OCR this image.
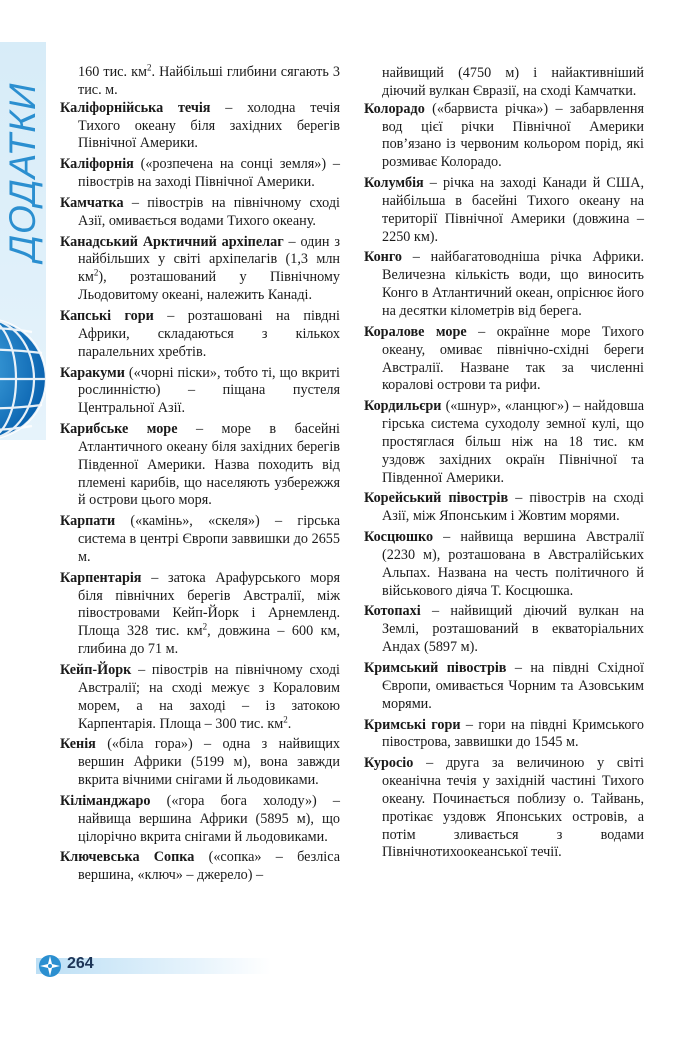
ДОДАТКИ
160 тис. $км^2$. Найбільші глибини сягають 3 тис. м.
Каліфорнійська течія – холодна течія Тихого океану біля західних берегів Північної Америки.
Каліфорнія («розпечена на сонці земля») – півострів на заході Північної Америки.
Камчатка – півострів на північному сході Азії, омивається водами Тихого океану.
Канадський Арктичний архіпелаг – один з найбільших у світі архіпелагів (1,3 млн $км^2$), розташований у Північному Льодовитому океані, належить Канаді.
Капські гори – розташовані на півдні Африки, складаються з кількох паралельних хребтів.
Каракуми («чорні піски», тобто ті, що вкриті рослинністю) – піщана пустеля Центральної Азії.
Карибське море – море в басейні Атлантичного океану біля західних берегів Південної Америки. Назва походить від племені карибів, що населяють узбережжя й острови цього моря.
Карпати («камінь», «скеля») – гірська система в центрі Європи заввишки до 2655 м.
Карпентарія – затока Арафурського моря біля північних берегів Австралії, між півостровами Кейп-Йорк і Арнемленд. Площа 328 тис. $км^2$, довжина – 600 км, глибина до 71 м.
Кейп-Йорк – півострів на північному сході Австралії; на сході межує з Кораловим морем, а на заході – із затокою Карпентарія. Площа – 300 тис. $км^2$.
Кенія («біла гора») – одна з найвищих вершин Африки (5199 м), вона завжди вкрита вічними снігами й льодовиками.
Кіліманджаро («гора бога холоду») – найвища вершина Африки (5895 м), що цілорічно вкрита снігами й льодовиками.
Ключевська Сопка («сопка» – безліса вершина, «ключ» – джерело) –
найвищий (4750 м) і найактивніший діючий вулкан Євразії, на сході Камчатки.
Колорадо («барвиста річка») – забарвлення вод цієї річки Північної Америки пов’язано із червоним кольором порід, які розмиває Колорадо.
Колумбія – річка на заході Канади й США, найбільша в басейні Тихого океану на території Північної Америки (довжина – 2250 км).
Конго – найбагатоводніша річка Африки. Величезна кількість води, що виносить Конго в Атлантичний океан, опріснює його на десятки кілометрів від берега.
Коралове море – окраїнне море Тихого океану, омиває північно-східні береги Австралії. Назване так за численні коралові острови та рифи.
Кордильєри («шнур», «ланцюг») – найдовша гірська система суходолу земної кулі, що простяглася більш ніж на 18 тис. км уздовж західних окраїн Північної та Південної Америки.
Корейський півострів – півострів на сході Азії, між Японським і Жовтим морями.
Косцюшко – найвища вершина Австралії (2230 м), розташована в Австралійських Альпах. Названа на честь політичного й військового діяча Т. Косцюшка.
Котопахі – найвищий діючий вулкан на Землі, розташований в екваторіальних Андах (5897 м).
Кримський півострів – на півдні Східної Європи, омивається Чорним та Азовським морями.
Кримські гори – гори на півдні Кримського півострова, заввишки до 1545 м.
Куросіо – друга за величиною у світі океанічна течія у західній частині Тихого океану. Починається поблизу о. Тайвань, протікає уздовж Японських островів, а потім зливається з водами Північнотихоокеанської течії.
264
